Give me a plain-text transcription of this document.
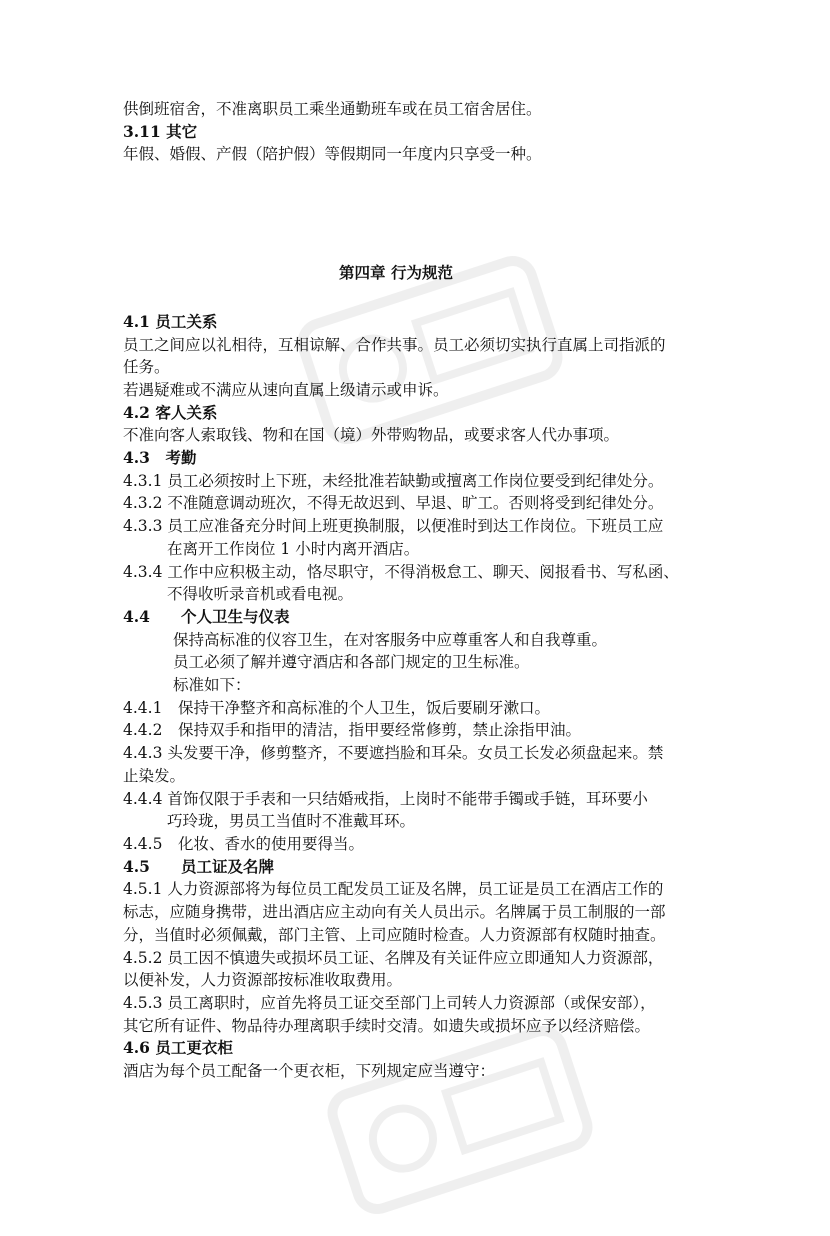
供倒班宿舍，不准离职员工乘坐通勤班车或在员工宿舍居住。
3.11 其它
年假、婚假、产假（陪护假）等假期同一年度内只享受一种。
第四章 行为规范
4.1 员工关系
员工之间应以礼相待，互相谅解、合作共事。员工必须切实执行直属上司指派的
任务。
若遇疑难或不满应从速向直属上级请示或申诉。
4.2 客人关系
不准向客人索取钱、物和在国（境）外带购物品，或要求客人代办事项。
4.3　考勤
4.3.1 员工必须按时上下班，未经批准若缺勤或擅离工作岗位要受到纪律处分。
4.3.2 不准随意调动班次，不得无故迟到、早退、旷工。否则将受到纪律处分。
4.3.3 员工应准备充分时间上班更换制服，以便准时到达工作岗位。下班员工应
在离开工作岗位 1 小时内离开酒店。
4.3.4 工作中应积极主动，恪尽职守，不得消极怠工、聊天、阅报看书、写私函、
不得收听录音机或看电视。
4.4　　个人卫生与仪表
保持高标准的仪容卫生，在对客服务中应尊重客人和自我尊重。
员工必须了解并遵守酒店和各部门规定的卫生标准。
标准如下：
4.4.1　保持干净整齐和高标准的个人卫生，饭后要刷牙漱口。
4.4.2　保持双手和指甲的清洁，指甲要经常修剪，禁止涂指甲油。
4.4.3 头发要干净，修剪整齐，不要遮挡脸和耳朵。女员工长发必须盘起来。禁
止染发。
4.4.4 首饰仅限于手表和一只结婚戒指，上岗时不能带手镯或手链，耳环要小
巧玲珑，男员工当值时不准戴耳环。
4.4.5　化妆、香水的使用要得当。
4.5　　员工证及名牌
4.5.1 人力资源部将为每位员工配发员工证及名牌，员工证是员工在酒店工作的
标志，应随身携带，进出酒店应主动向有关人员出示。名牌属于员工制服的一部
分，当值时必须佩戴，部门主管、上司应随时检查。人力资源部有权随时抽查。
4.5.2 员工因不慎遗失或损坏员工证、名牌及有关证件应立即通知人力资源部，
以便补发，人力资源部按标准收取费用。
4.5.3 员工离职时，应首先将员工证交至部门上司转人力资源部（或保安部），
其它所有证件、物品待办理离职手续时交清。如遗失或损坏应予以经济赔偿。
4.6 员工更衣柜
酒店为每个员工配备一个更衣柜，下列规定应当遵守：
